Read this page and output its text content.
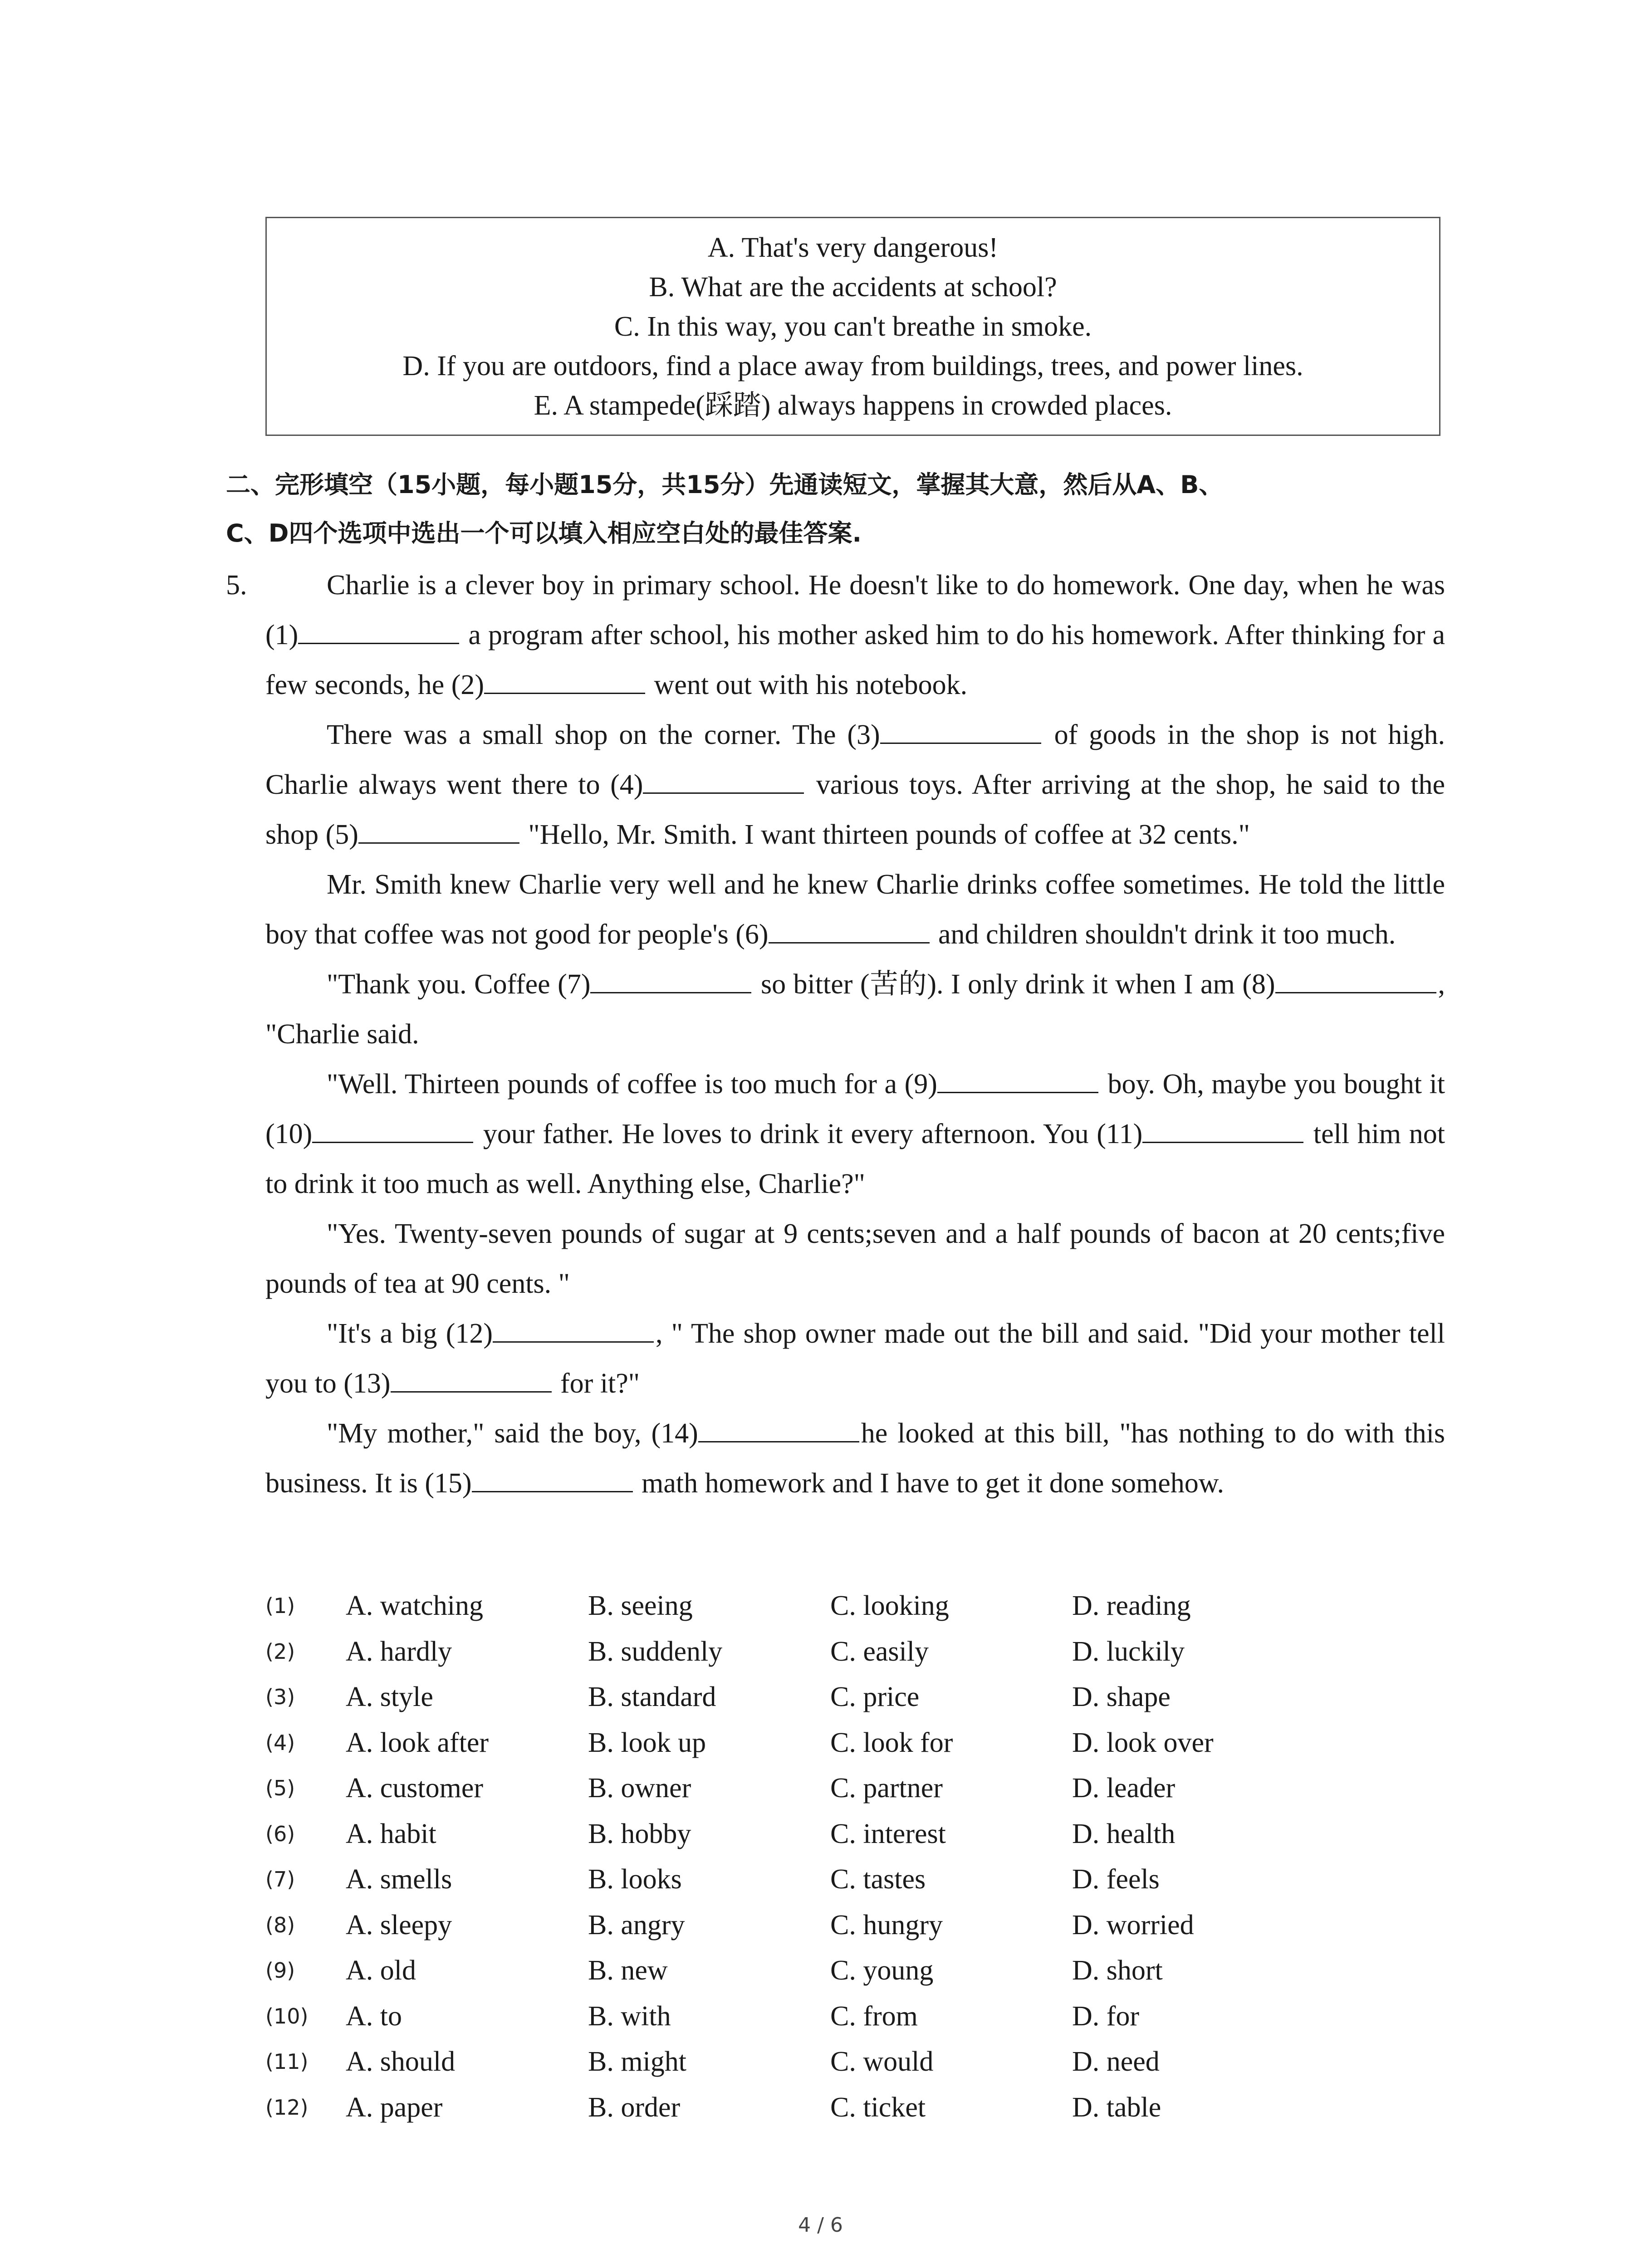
A. That's very dangerous!
B. What are the accidents at school?
C. In this way, you can't breathe in smoke.
D. If you are outdoors, find a place away from buildings, trees, and power lines.
E. A stampede(踩踏) always happens in crowded places.
二、完形填空（15小题，每小题15分，共15分）先通读短文，掌握其大意，然后从A、B、
C、D四个选项中选出一个可以填入相应空白处的最佳答案.
5.	Charlie is a clever boy in primary school. He doesn't like to do homework. One day, when he was (1)	a program after school, his mother asked him to do his homework. After thinking for a few seconds, he (2)	went out with his notebook.

There was a small shop on the corner. The (3)	of goods in the shop is not high. Charlie always went there to (4)	various toys. After arriving at the shop, he said to the shop (5)	"Hello, Mr. Smith. I want thirteen pounds of coffee at 32 cents."

Mr. Smith knew Charlie very well and he knew Charlie drinks coffee sometimes. He told the little boy that coffee was not good for people's (6)	and children shouldn't drink it too much.

"Thank you. Coffee (7)	so bitter (苦的). I only drink it when I am (8)	, "Charlie said.

"Well. Thirteen pounds of coffee is too much for a (9)	boy. Oh, maybe you bought it (10)	your father. He loves to drink it every afternoon. You (11)	tell him not to drink it too much as well. Anything else, Charlie?"

"Yes. Twenty-seven pounds of sugar at 9 cents;seven and a half pounds of bacon at 20 cents;five pounds of tea at 90 cents. "

"It's a big (12)	, " The shop owner made out the bill and said. "Did your mother tell you to (13)	for it?"

"My mother," said the boy, (14)	he looked at this bill, "has nothing to do with this business. It is (15)	math homework and I have to get it done somehow.

(1) A. watching	B. seeing	C. looking	D. reading
(2) A. hardly	B. suddenly	C. easily	D. luckily
(3) A. style	B. standard	C. price	D. shape
(4) A. look after	B. look up	C. look for	D. look over
(5) A. customer	B. owner	C. partner	D. leader
(6) A. habit	B. hobby	C. interest	D. health
(7) A. smells	B. looks	C. tastes	D. feels
(8) A. sleepy	B. angry	C. hungry	D. worried
(9) A. old	B. new	C. young	D. short
(10) A. to	B. with	C. from	D. for
(11) A. should	B. might	C. would	D. need
(12) A. paper	B. order	C. ticket	D. table
4 / 6
